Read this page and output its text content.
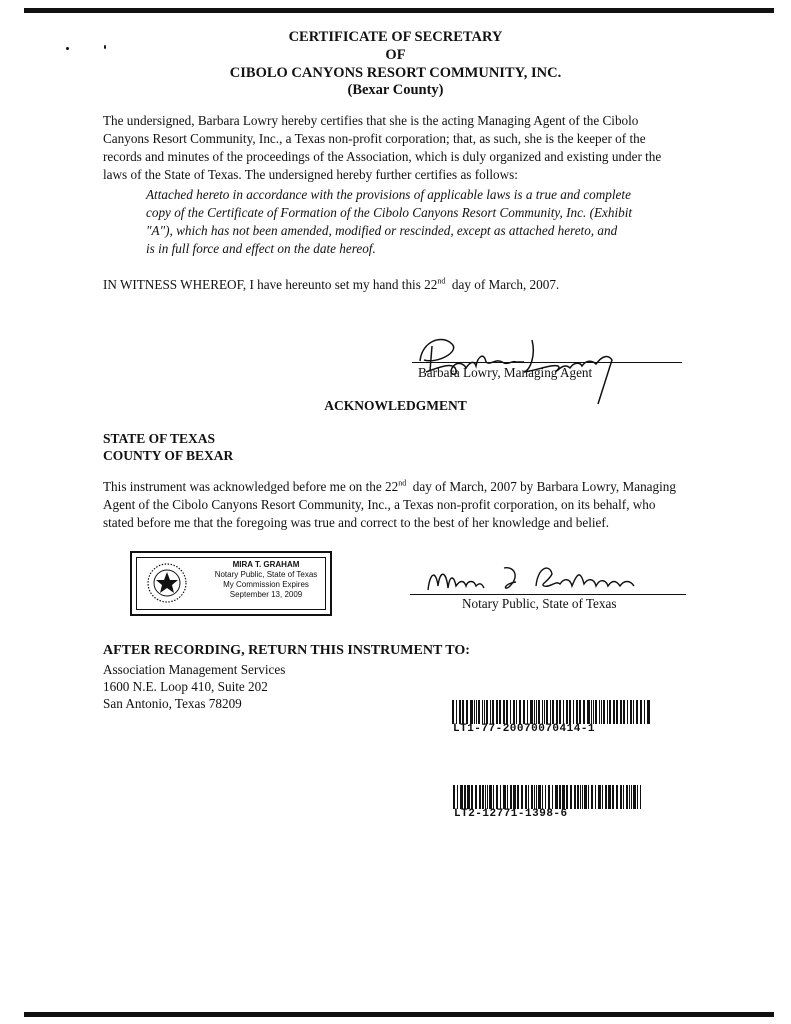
CERTIFICATE OF SECRETARY
OF
CIBOLO CANYONS RESORT COMMUNITY, INC.
(Bexar County)
The undersigned, Barbara Lowry hereby certifies that she is the acting Managing Agent of the Cibolo
Canyons Resort Community, Inc., a Texas non-profit corporation; that, as such, she is the keeper of the
records and minutes of the proceedings of the Association, which is duly organized and existing under the
laws of the State of Texas. The undersigned hereby further certifies as follows:
Attached hereto in accordance with the provisions of applicable laws is a true and complete
copy of the Certificate of Formation of the Cibolo Canyons Resort Community, Inc. (Exhibit
"A"), which has not been amended, modified or rescinded, except as attached hereto, and
is in full force and effect on the date hereof.
IN WITNESS WHEREOF, I have hereunto set my hand this 22nd  day of March, 2007.
Barbara Lowry, Managing Agent
ACKNOWLEDGMENT
STATE OF TEXAS
COUNTY OF BEXAR
This instrument was acknowledged before me on the 22nd  day of March, 2007 by Barbara Lowry, Managing
Agent of the Cibolo Canyons Resort Community, Inc., a Texas non-profit corporation, on its behalf, who
stated before me that the foregoing was true and correct to the best of her knowledge and belief.
MIRA T. GRAHAM
Notary Public, State of Texas
My Commission Expires
September 13, 2009
Notary Public, State of Texas
AFTER RECORDING, RETURN THIS INSTRUMENT TO:
Association Management Services
1600 N.E. Loop 410, Suite 202
San Antonio, Texas 78209
LT1-77-20070070414-1
LT2-12771-1398-6
